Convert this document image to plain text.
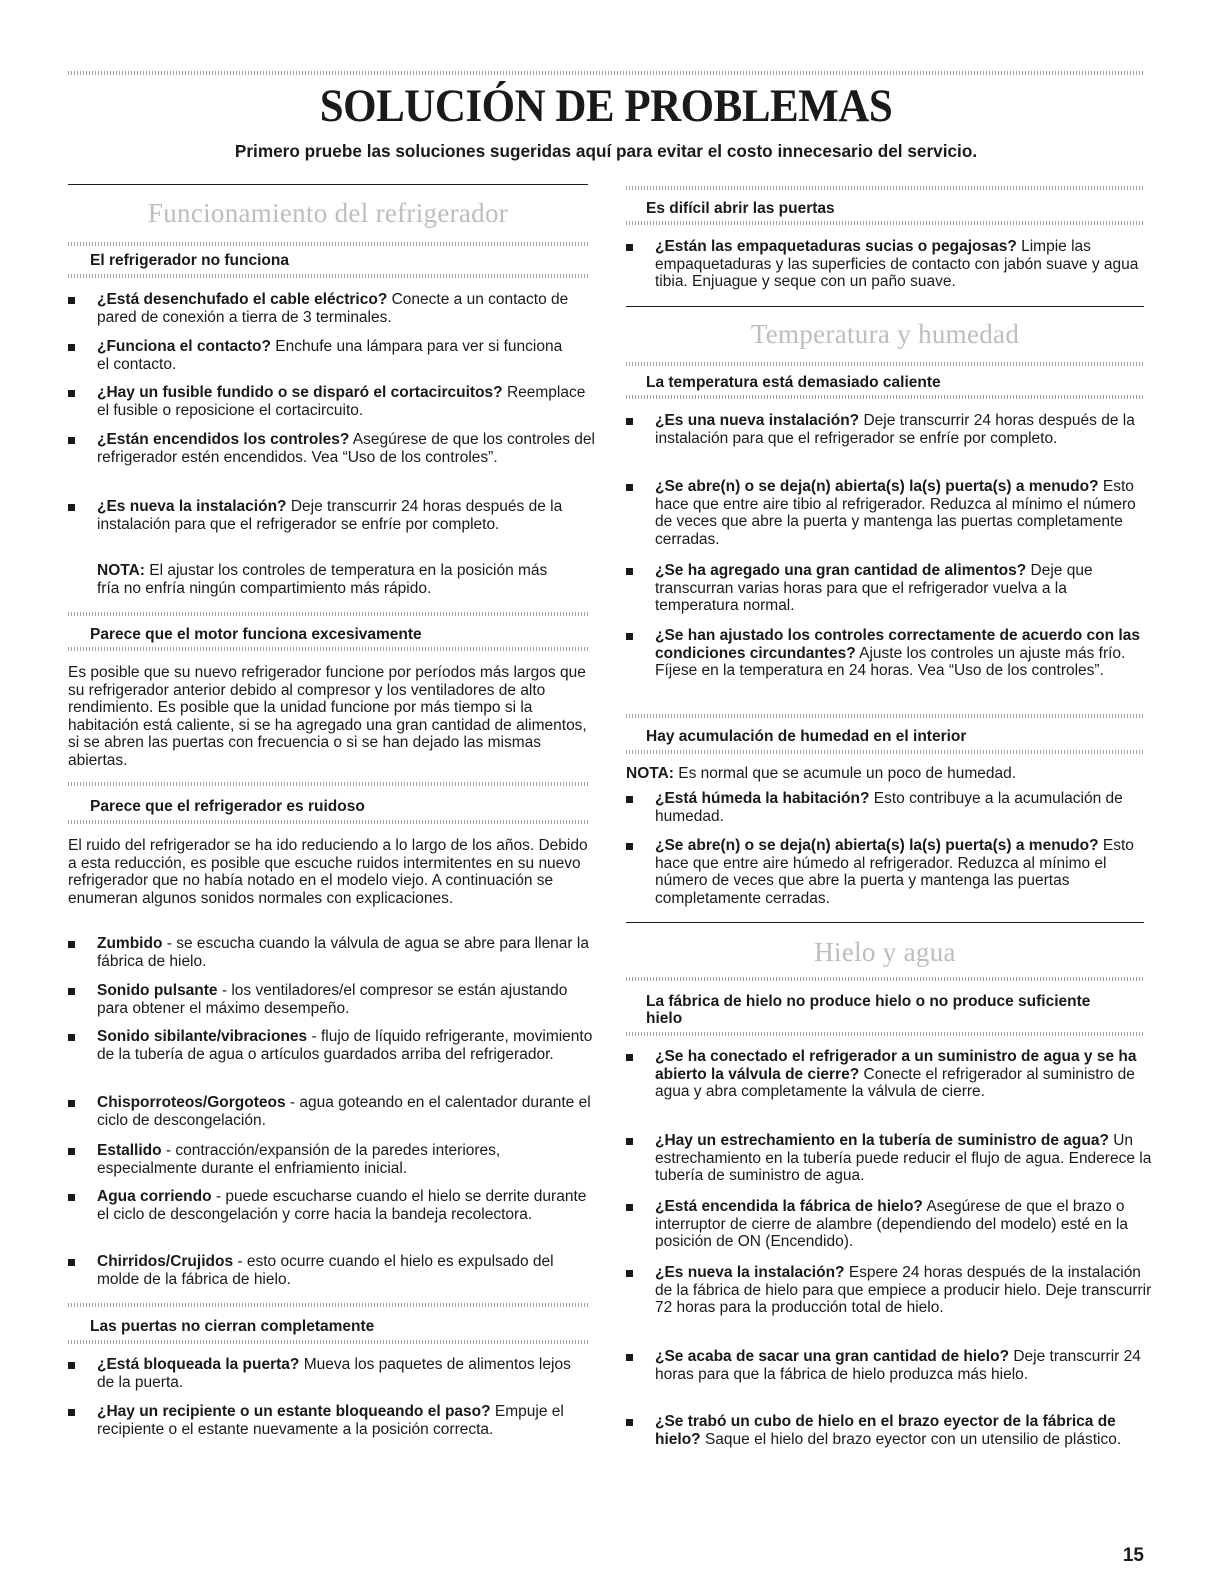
SOLUCIÓN DE PROBLEMAS
Primero pruebe las soluciones sugeridas aquí para evitar el costo innecesario del servicio.
Funcionamiento del refrigerador
El refrigerador no funciona
¿Está desenchufado el cable eléctrico? Conecte a un contacto de pared de conexión a tierra de 3 terminales.
¿Funciona el contacto? Enchufe una lámpara para ver si funciona el contacto.
¿Hay un fusible fundido o se disparó el cortacircuitos? Reemplace el fusible o reposicione el cortacircuito.
¿Están encendidos los controles? Asegúrese de que los controles del refrigerador estén encendidos. Vea “Uso de los controles”.
¿Es nueva la instalación? Deje transcurrir 24 horas después de la instalación para que el refrigerador se enfríe por completo.
NOTA: El ajustar los controles de temperatura en la posición más fría no enfría ningún compartimiento más rápido.
Parece que el motor funciona excesivamente
Es posible que su nuevo refrigerador funcione por períodos más largos que su refrigerador anterior debido al compresor y los ventiladores de alto rendimiento. Es posible que la unidad funcione por más tiempo si la habitación está caliente, si se ha agregado una gran cantidad de alimentos, si se abren las puertas con frecuencia o si se han dejado las mismas abiertas.
Parece que el refrigerador es ruidoso
El ruido del refrigerador se ha ido reduciendo a lo largo de los años. Debido a esta reducción, es posible que escuche ruidos intermitentes en su nuevo refrigerador que no había notado en el modelo viejo. A continuación se enumeran algunos sonidos normales con explicaciones.
Zumbido - se escucha cuando la válvula de agua se abre para llenar la fábrica de hielo.
Sonido pulsante - los ventiladores/el compresor se están ajustando para obtener el máximo desempeño.
Sonido sibilante/vibraciones - flujo de líquido refrigerante, movimiento de la tubería de agua o artículos guardados arriba del refrigerador.
Chisporroteos/Gorgoteos - agua goteando en el calentador durante el ciclo de descongelación.
Estallido - contracción/expansión de la paredes interiores, especialmente durante el enfriamiento inicial.
Agua corriendo - puede escucharse cuando el hielo se derrite durante el ciclo de descongelación y corre hacia la bandeja recolectora.
Chirridos/Crujidos - esto ocurre cuando el hielo es expulsado del molde de la fábrica de hielo.
Las puertas no cierran completamente
¿Está bloqueada la puerta? Mueva los paquetes de alimentos lejos de la puerta.
¿Hay un recipiente o un estante bloqueando el paso? Empuje el recipiente o el estante nuevamente a la posición correcta.
Es difícil abrir las puertas
¿Están las empaquetaduras sucias o pegajosas? Limpie las empaquetaduras y las superficies de contacto con jabón suave y agua tibia. Enjuague y seque con un paño suave.
Temperatura y humedad
La temperatura está demasiado caliente
¿Es una nueva instalación? Deje transcurrir 24 horas después de la instalación para que el refrigerador se enfríe por completo.
¿Se abre(n) o se deja(n) abierta(s) la(s) puerta(s) a menudo? Esto hace que entre aire tibio al refrigerador. Reduzca al mínimo el número de veces que abre la puerta y mantenga las puertas completamente cerradas.
¿Se ha agregado una gran cantidad de alimentos? Deje que transcurran varias horas para que el refrigerador vuelva a la temperatura normal.
¿Se han ajustado los controles correctamente de acuerdo con las condiciones circundantes? Ajuste los controles un ajuste más frío. Fíjese en la temperatura en 24 horas. Vea “Uso de los controles”.
Hay acumulación de humedad en el interior
NOTA: Es normal que se acumule un poco de humedad.
¿Está húmeda la habitación? Esto contribuye a la acumulación de humedad.
¿Se abre(n) o se deja(n) abierta(s) la(s) puerta(s) a menudo? Esto hace que entre aire húmedo al refrigerador. Reduzca al mínimo el número de veces que abre la puerta y mantenga las puertas completamente cerradas.
Hielo y agua
La fábrica de hielo no produce hielo o no produce suficiente hielo
¿Se ha conectado el refrigerador a un suministro de agua y se ha abierto la válvula de cierre? Conecte el refrigerador al suministro de agua y abra completamente la válvula de cierre.
¿Hay un estrechamiento en la tubería de suministro de agua? Un estrechamiento en la tubería puede reducir el flujo de agua. Enderece la tubería de suministro de agua.
¿Está encendida la fábrica de hielo? Asegúrese de que el brazo o interruptor de cierre de alambre (dependiendo del modelo) esté en la posición de ON (Encendido).
¿Es nueva la instalación? Espere 24 horas después de la instalación de la fábrica de hielo para que empiece a producir hielo. Deje transcurrir 72 horas para la producción total de hielo.
¿Se acaba de sacar una gran cantidad de hielo? Deje transcurrir 24 horas para que la fábrica de hielo produzca más hielo.
¿Se trabó un cubo de hielo en el brazo eyector de la fábrica de hielo? Saque el hielo del brazo eyector con un utensilio de plástico.
15
